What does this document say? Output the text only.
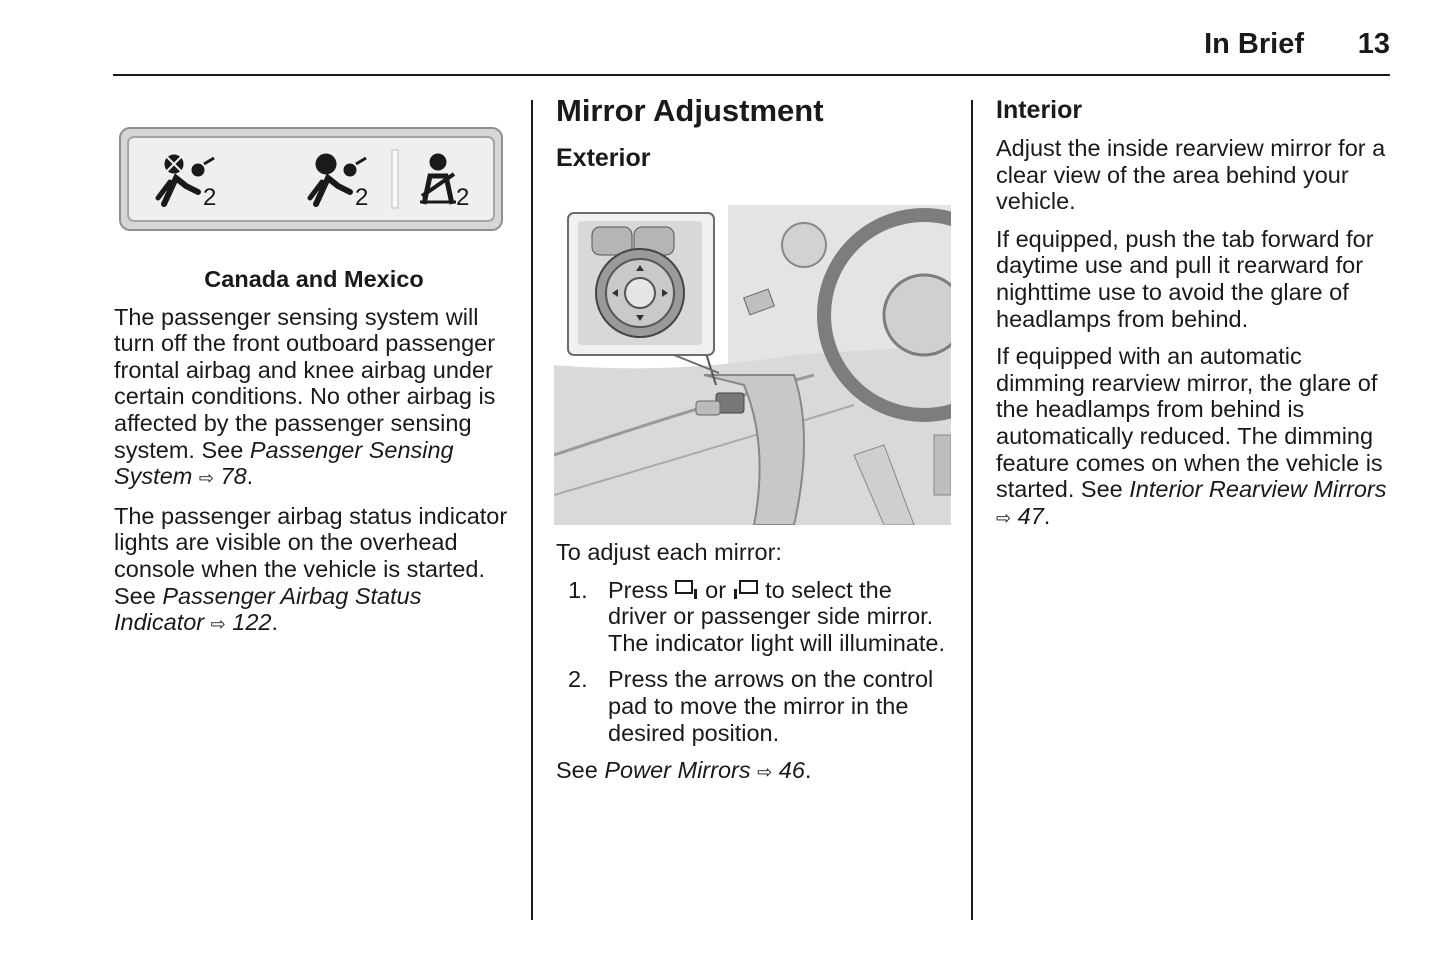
In Brief 13
2	2	2

Canada and Mexico

The passenger sensing system will turn off the front outboard passenger frontal airbag and knee airbag under certain conditions. No other airbag is affected by the passenger sensing system. See Passenger Sensing System ⇨ 78.

The passenger airbag status indicator lights are visible on the overhead console when the vehicle is started. See Passenger Airbag Status Indicator ⇨ 122.

Mirror Adjustment
Exterior

To adjust each mirror:

1. Press or to select the driver or passenger side mirror. The indicator light will illuminate.
2. Press the arrows on the control pad to move the mirror in the desired position.

See Power Mirrors ⇨ 46.

Interior

Adjust the inside rearview mirror for a clear view of the area behind your vehicle.

If equipped, push the tab forward for daytime use and pull it rearward for nighttime use to avoid the glare of headlamps from behind.

If equipped with an automatic dimming rearview mirror, the glare of the headlamps from behind is automatically reduced. The dimming feature comes on when the vehicle is started. See Interior Rearview Mirrors ⇨ 47.
